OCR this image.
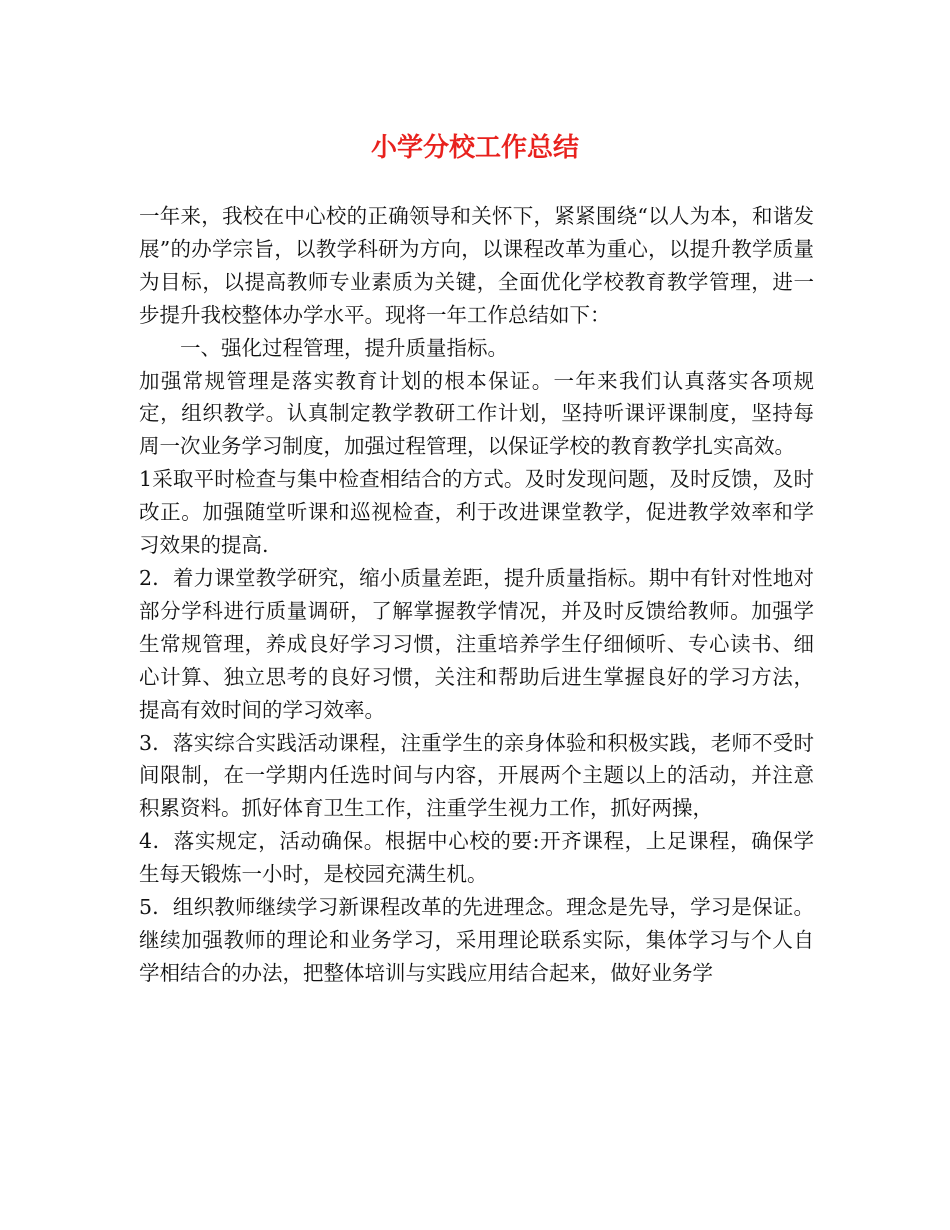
小学分校工作总结

一年来，我校在中心校的正确领导和关怀下，紧紧围绕“以人为本，和谐发展”的办学宗旨，以教学科研为方向，以课程改革为重心，以提升教学质量为目标，以提高教师专业素质为关键，全面优化学校教育教学管理，进一步提升我校整体办学水平。现将一年工作总结如下：

一、强化过程管理，提升质量指标。

加强常规管理是落实教育计划的根本保证。一年来我们认真落实各项规定，组织教学。认真制定教学教研工作计划，坚持听课评课制度，坚持每周一次业务学习制度，加强过程管理，以保证学校的教育教学扎实高效。

1采取平时检查与集中检查相结合的方式。及时发现问题，及时反馈，及时改正。加强随堂听课和巡视检查，利于改进课堂教学，促进教学效率和学习效果的提高.

2．着力课堂教学研究，缩小质量差距，提升质量指标。期中有针对性地对部分学科进行质量调研，了解掌握教学情况，并及时反馈给教师。加强学生常规管理，养成良好学习习惯，注重培养学生仔细倾听、专心读书、细心计算、独立思考的良好习惯，关注和帮助后进生掌握良好的学习方法，提高有效时间的学习效率。

3．落实综合实践活动课程，注重学生的亲身体验和积极实践，老师不受时间限制，在一学期内任选时间与内容，开展两个主题以上的活动，并注意积累资料。抓好体育卫生工作，注重学生视力工作，抓好两操，

4．落实规定，活动确保。根据中心校的要:开齐课程，上足课程，确保学生每天锻炼一小时，是校园充满生机。

5．组织教师继续学习新课程改革的先进理念。理念是先导，学习是保证。继续加强教师的理论和业务学习，采用理论联系实际，集体学习与个人自学相结合的办法，把整体培训与实践应用结合起来，做好业务学
